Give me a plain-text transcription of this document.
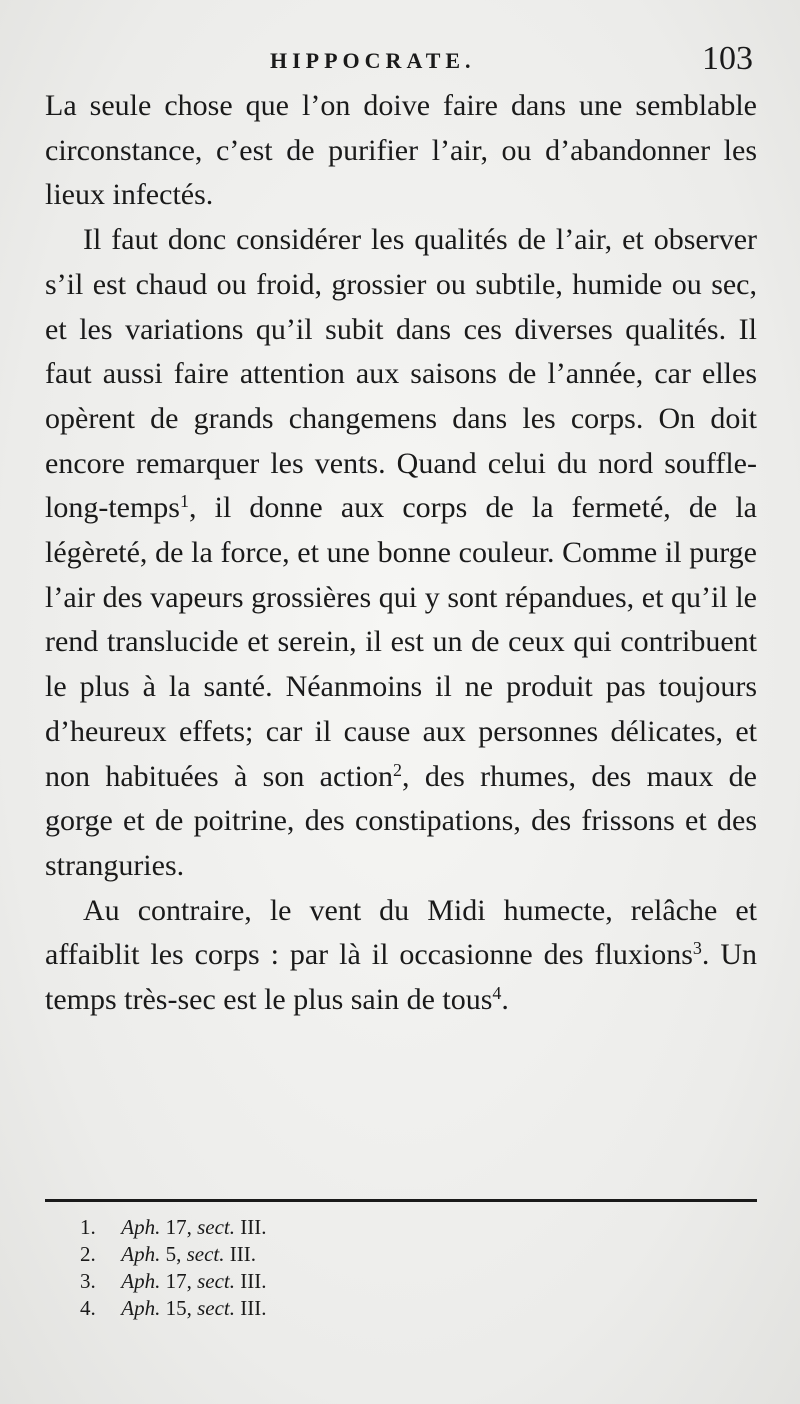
HIPPOCRATE.	103

La seule chose que l’on doive faire dans une semblable circonstance, c’est de purifier l’air, ou d’abandonner les lieux infectés.

Il faut donc considérer les qualités de l’air, et observer s’il est chaud ou froid, grossier ou subtile, humide ou sec, et les variations qu’il subit dans ces diverses qualités. Il faut aussi faire attention aux saisons de l’année, car elles opèrent de grands changemens dans les corps. On doit encore remarquer les vents. Quand celui du nord souffle-long-temps$^1$, il donne aux corps de la fermeté, de la légèreté, de la force, et une bonne couleur. Comme il purge l’air des vapeurs grossières qui y sont répandues, et qu’il le rend translucide et serein, il est un de ceux qui contribuent le plus à la santé. Néanmoins il ne produit pas toujours d’heureux effets; car il cause aux personnes délicates, et non habituées à son action$^2$, des rhumes, des maux de gorge et de poitrine, des constipations, des frissons et des stranguries.

Au contraire, le vent du Midi humecte, relâche et affaiblit les corps : par là il occasionne des fluxions$^3$. Un temps très-sec est le plus sain de tous$^4$.

1. Aph. 17, sect. III.
2. Aph. 5, sect. III.
3. Aph. 17, sect. III.
4. Aph. 15, sect. III.
